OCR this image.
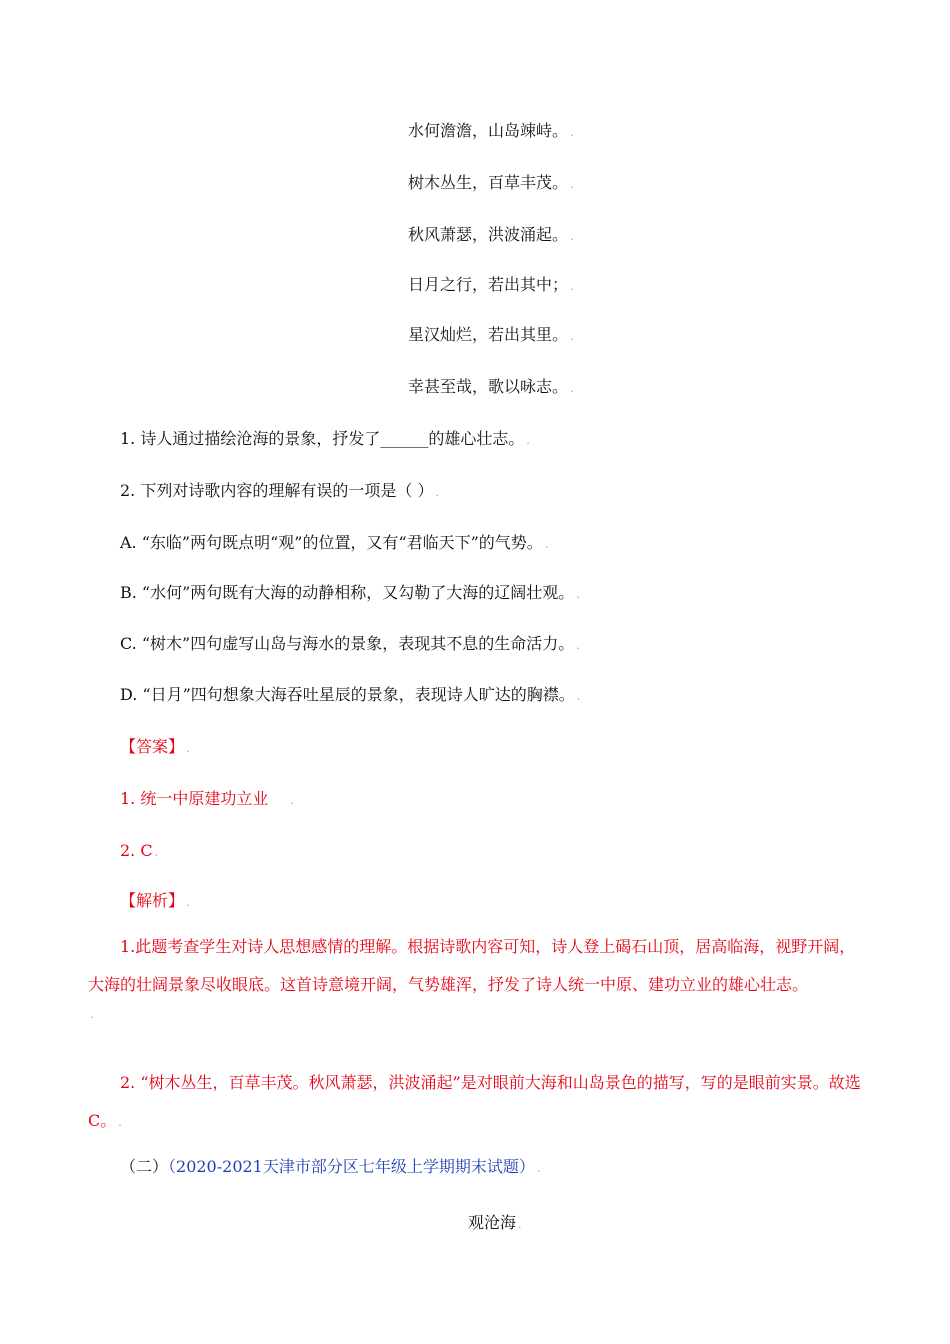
水何澹澹，山岛竦峙。 .
树木丛生，百草丰茂。 .
秋风萧瑟，洪波涌起。 .
日月之行，若出其中； .
星汉灿烂，若出其里。 .
幸甚至哉，歌以咏志。 .
1. 诗人通过描绘沧海的景象，抒发了______的雄心壮志。 .
2. 下列对诗歌内容的理解有误的一项是（ ） .
A. “东临”两句既点明“观”的位置，又有“君临天下”的气势。 .
B. “水何”两句既有大海的动静相称，又勾勒了大海的辽阔壮观。 .
C. “树木”四句虚写山岛与海水的景象，表现其不息的生命活力。 .
D. “日月”四句想象大海吞吐星辰的景象，表现诗人旷达的胸襟。 .
【答案】 .
1. 统一中原建功立业 .
2. C .
【解析】 .
1.此题考查学生对诗人思想感情的理解。根据诗歌内容可知，诗人登上碣石山顶，居高临海，视野开阔，大海的壮阔景象尽收眼底。这首诗意境开阔，气势雄浑，抒发了诗人统一中原、建功立业的雄心壮志。
.
2. “树木丛生，百草丰茂。秋风萧瑟，洪波涌起”是对眼前大海和山岛景色的描写，写的是眼前实景。故选C。 .
（二）（2020-2021天津市部分区七年级上学期期末试题） .
观沧海 .
